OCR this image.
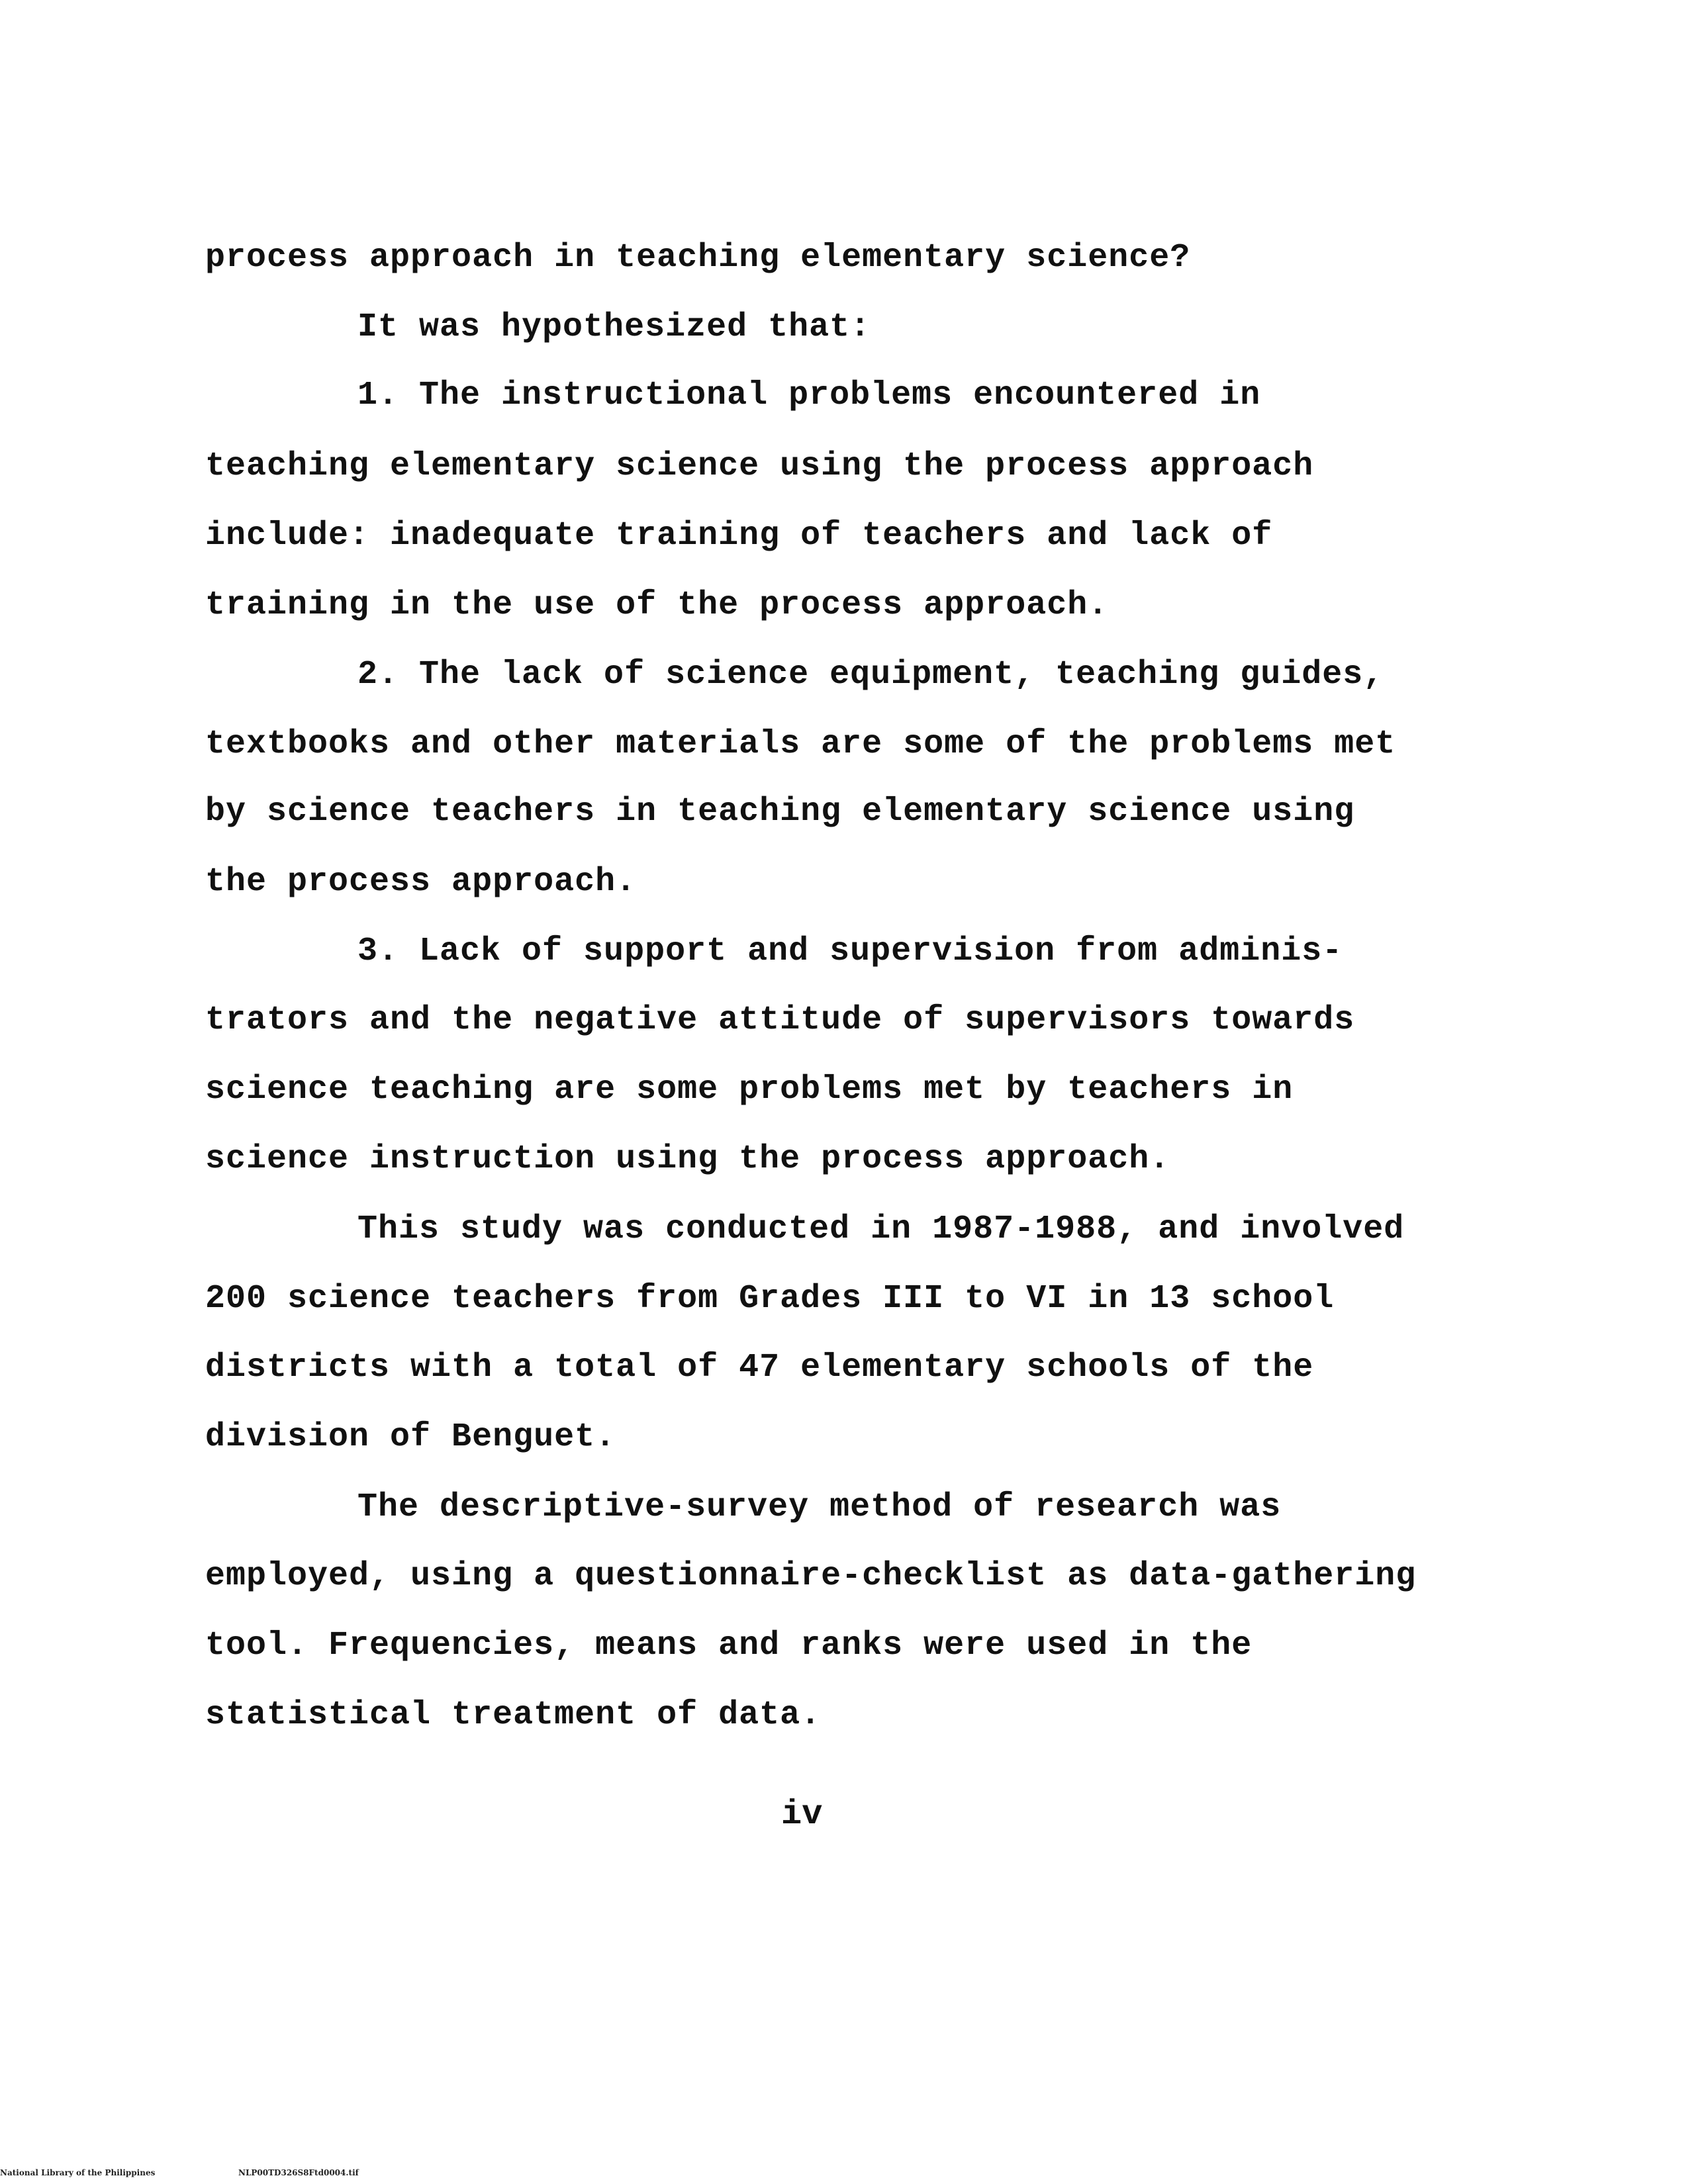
process approach in teaching elementary science?
It was hypothesized that:
1. The instructional problems encountered in
teaching elementary science using the process approach
include: inadequate training of teachers and lack of
training in the use of the process approach.
2. The lack of science equipment, teaching guides,
textbooks and other materials are some of the problems met
by science teachers in teaching elementary science using
the process approach.
3. Lack of support and supervision from adminis-
trators and the negative attitude of supervisors towards
science teaching are some problems met by teachers in
science instruction using the process approach.
This study was conducted in 1987-1988, and involved
200 science teachers from Grades III to VI in 13 school
districts with a total of 47 elementary schools of the
division of Benguet.
The descriptive-survey method of research was
employed, using a questionnaire-checklist as data-gathering
tool. Frequencies, means and ranks were used in the
statistical treatment of data.
iv
National Library of the Philippines	NLP00TD326S8Ftd0004.tif
